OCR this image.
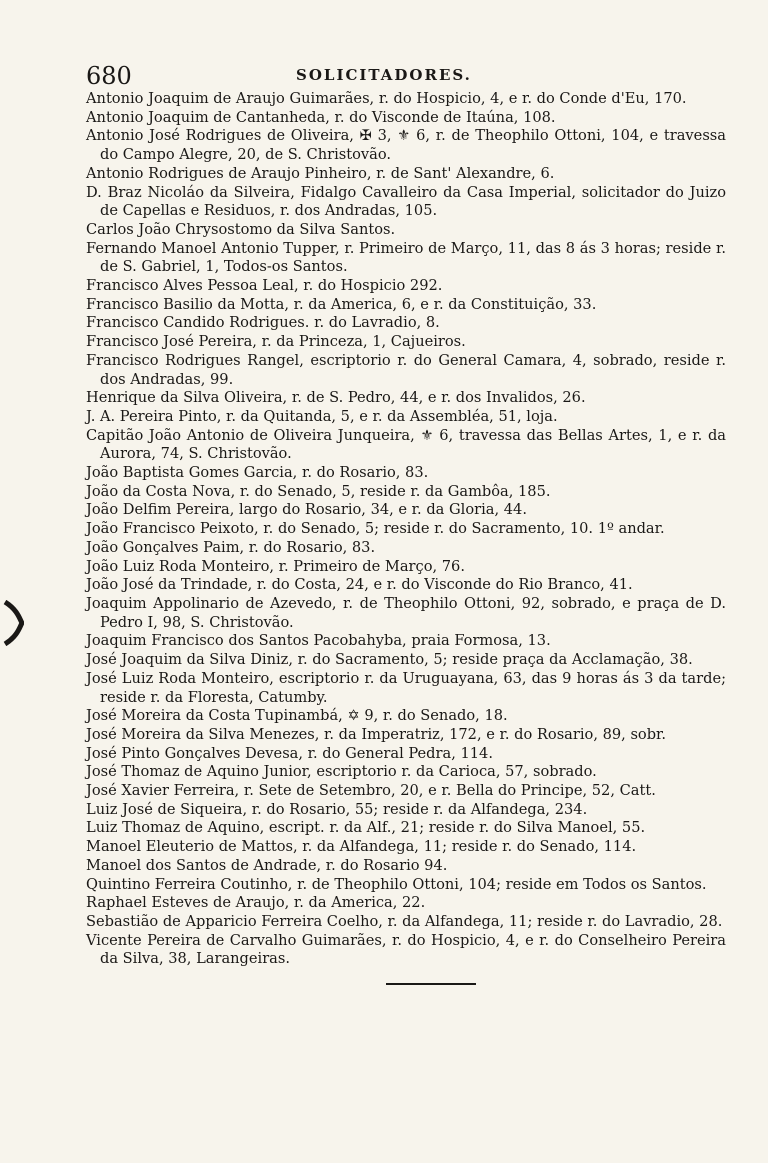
680	SOLICITADORES.
Antonio Joaquim de Araujo Guimarães, r. do Hospicio, 4, e r. do Conde d'Eu, 170.
Antonio Joaquim de Cantanheda, r. do Visconde de Itaúna, 108.
Antonio José Rodrigues de Oliveira, ✠ 3, ⚜ 6, r. de Theophilo Ottoni, 104, e travessa do Campo Alegre, 20, de S. Christovão.
Antonio Rodrigues de Araujo Pinheiro, r. de Sant' Alexandre, 6.
D. Braz Nicoláo da Silveira, Fidalgo Cavalleiro da Casa Imperial, solicitador do Juizo de Capellas e Residuos, r. dos Andradas, 105.
Carlos João Chrysostomo da Silva Santos.
Fernando Manoel Antonio Tupper, r. Primeiro de Março, 11, das 8 ás 3 horas; reside r. de S. Gabriel, 1, Todos-os Santos.
Francisco Alves Pessoa Leal, r. do Hospicio 292.
Francisco Basilio da Motta, r. da America, 6, e r. da Constituição, 33.
Francisco Candido Rodrigues. r. do Lavradio, 8.
Francisco José Pereira, r. da Princeza, 1, Cajueiros.
Francisco Rodrigues Rangel, escriptorio r. do General Camara, 4, sobrado, reside r. dos Andradas, 99.
Henrique da Silva Oliveira, r. de S. Pedro, 44, e r. dos Invalidos, 26.
J. A. Pereira Pinto, r. da Quitanda, 5, e r. da Assembléa, 51, loja.
Capitão João Antonio de Oliveira Junqueira, ⚜ 6, travessa das Bellas Artes, 1, e r. da Aurora, 74, S. Christovão.
João Baptista Gomes Garcia, r. do Rosario, 83.
João da Costa Nova, r. do Senado, 5, reside r. da Gambôa, 185.
João Delfim Pereira, largo do Rosario, 34, e r. da Gloria, 44.
João Francisco Peixoto, r. do Senado, 5; reside r. do Sacramento, 10. 1º andar.
João Gonçalves Paim, r. do Rosario, 83.
João Luiz Roda Monteiro, r. Primeiro de Março, 76.
João José da Trindade, r. do Costa, 24, e r. do Visconde do Rio Branco, 41.
Joaquim Appolinario de Azevedo, r. de Theophilo Ottoni, 92, sobrado, e praça de D. Pedro I, 98, S. Christovão.
Joaquim Francisco dos Santos Pacobahyba, praia Formosa, 13.
José Joaquim da Silva Diniz, r. do Sacramento, 5; reside praça da Acclamação, 38.
José Luiz Roda Monteiro, escriptorio r. da Uruguayana, 63, das 9 horas ás 3 da tarde; reside r. da Floresta, Catumby.
José Moreira da Costa Tupinambá, ✡ 9, r. do Senado, 18.
José Moreira da Silva Menezes, r. da Imperatriz, 172, e r. do Rosario, 89, sobr.
José Pinto Gonçalves Devesa, r. do General Pedra, 114.
José Thomaz de Aquino Junior, escriptorio r. da Carioca, 57, sobrado.
José Xavier Ferreira, r. Sete de Setembro, 20, e r. Bella do Principe, 52, Catt.
Luiz José de Siqueira, r. do Rosario, 55; reside r. da Alfandega, 234.
Luiz Thomaz de Aquino, escript. r. da Alf., 21; reside r. do Silva Manoel, 55.
Manoel Eleuterio de Mattos, r. da Alfandega, 11; reside r. do Senado, 114.
Manoel dos Santos de Andrade, r. do Rosario 94.
Quintino Ferreira Coutinho, r. de Theophilo Ottoni, 104; reside em Todos os Santos.
Raphael Esteves de Araujo, r. da America, 22.
Sebastião de Apparicio Ferreira Coelho, r. da Alfandega, 11; reside r. do Lavradio, 28.
Vicente Pereira de Carvalho Guimarães, r. do Hospicio, 4, e r. do Conselheiro Pereira da Silva, 38, Larangeiras.
